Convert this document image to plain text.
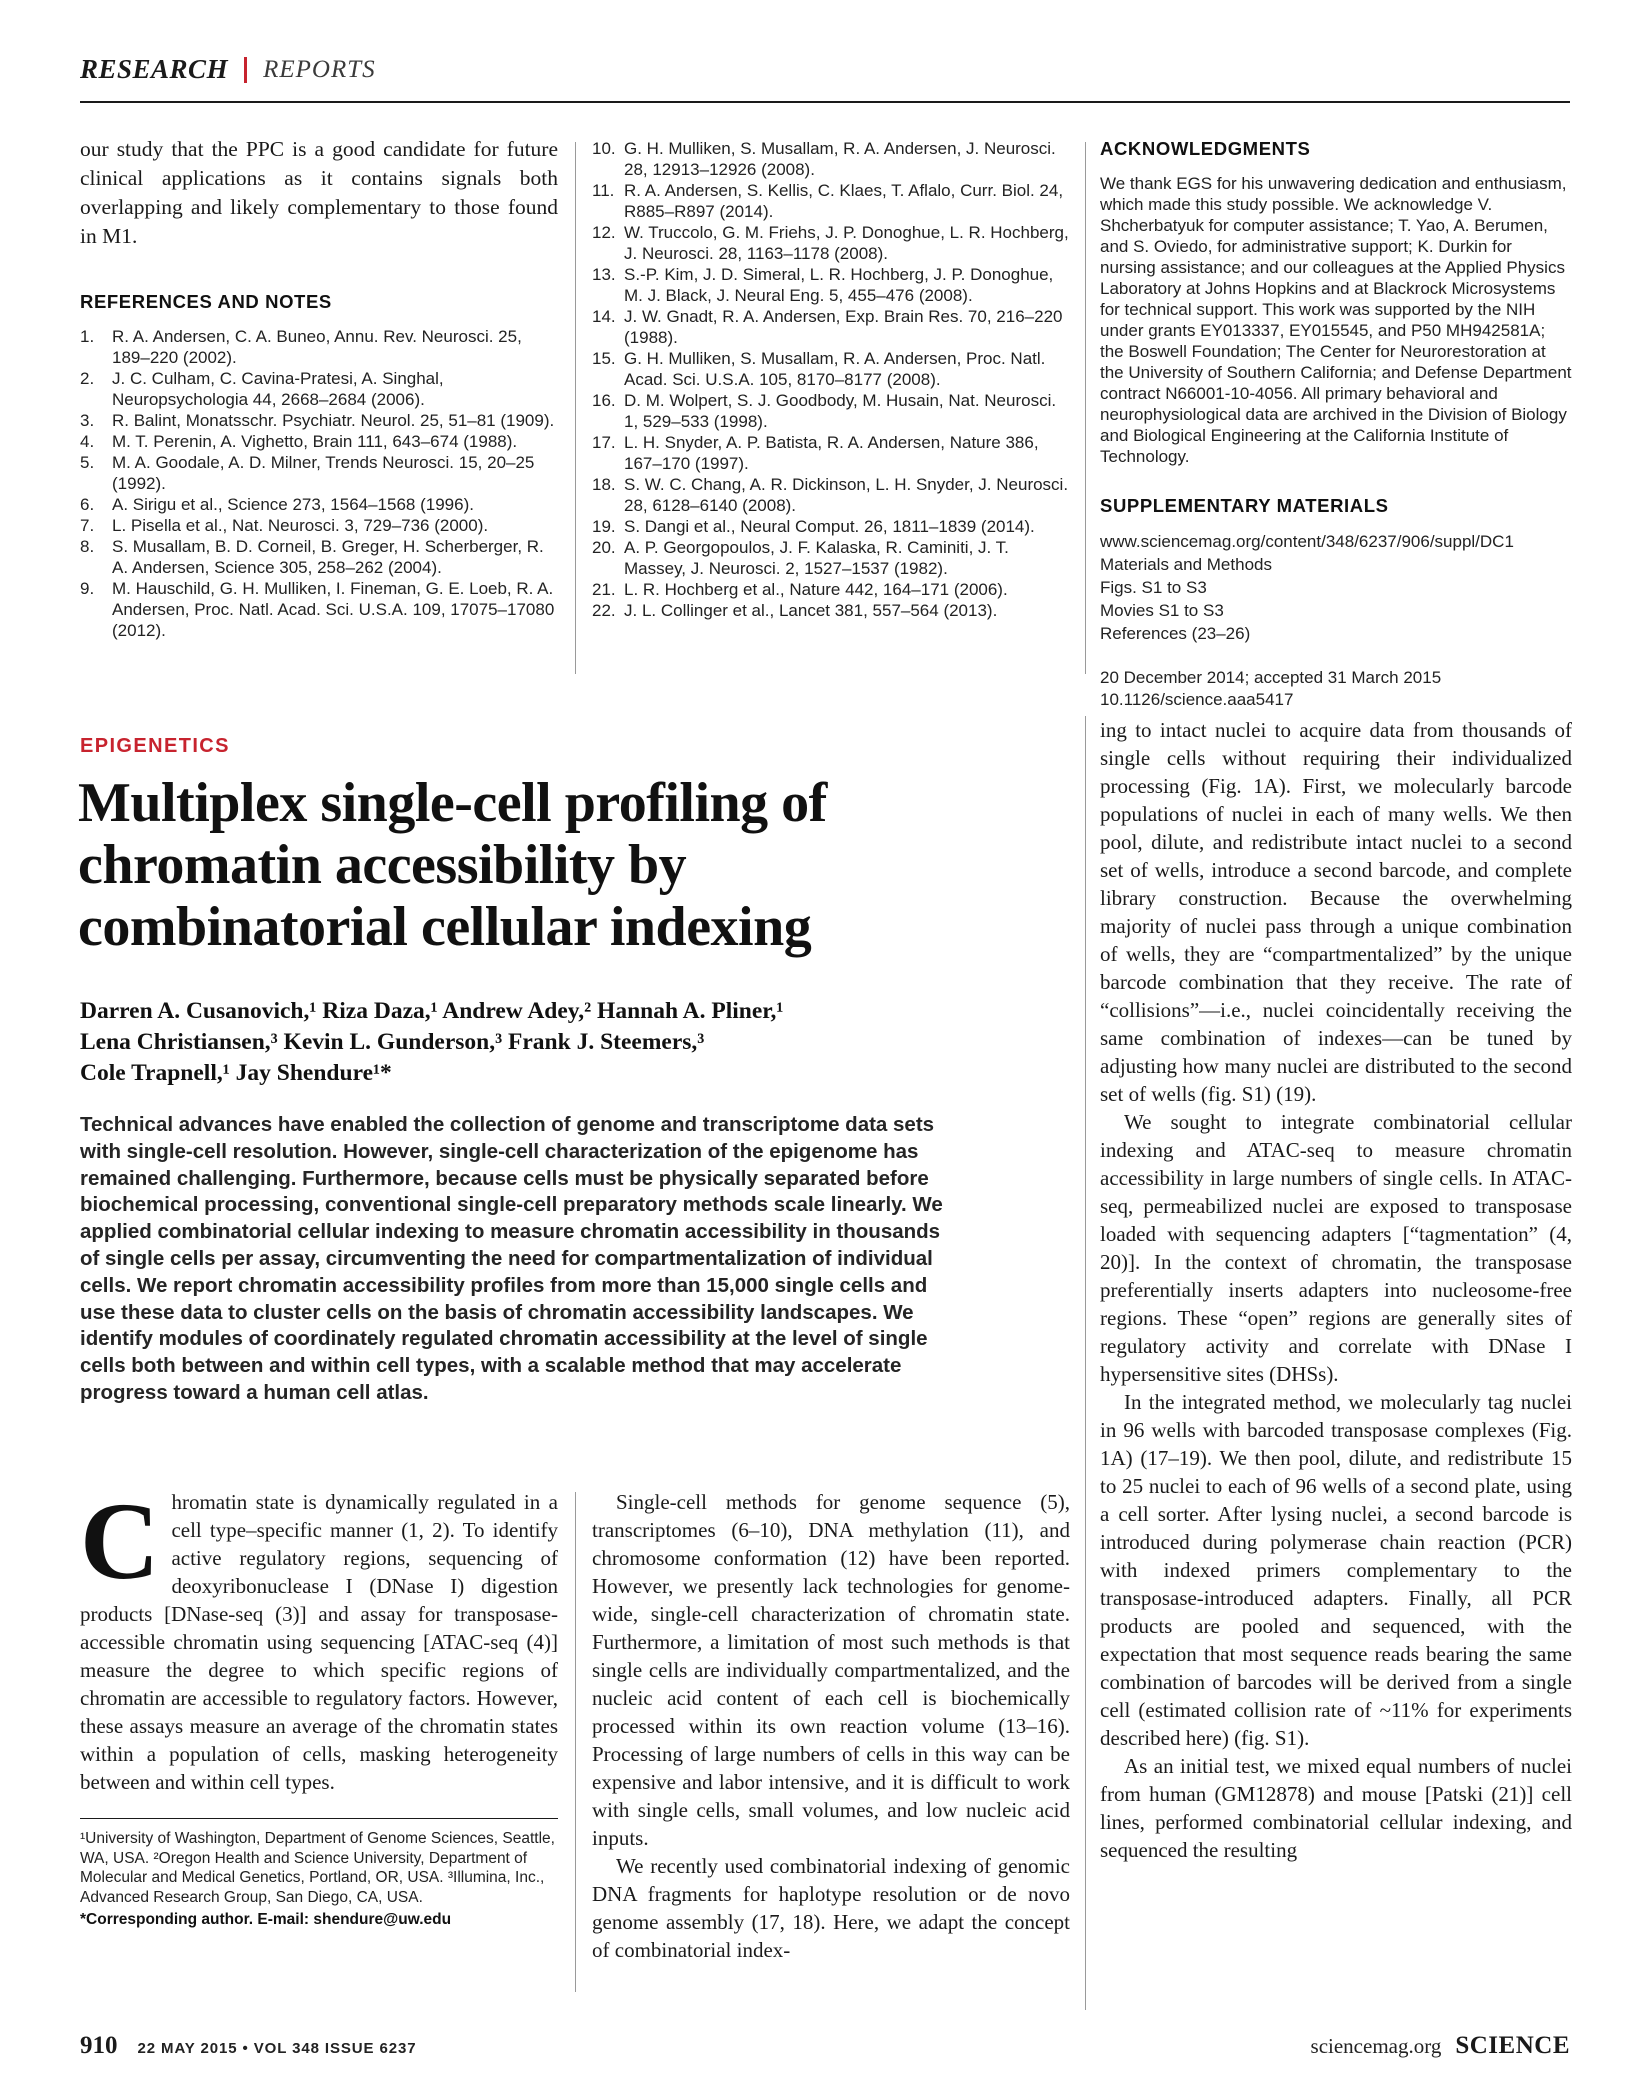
RESEARCH REPORTS

our study that the PPC is a good candidate for future clinical applications as it contains signals both overlapping and likely complementary to those found in M1.

REFERENCES AND NOTES
1.	R. A. Andersen, C. A. Buneo, Annu. Rev. Neurosci. 25, 189–220 (2002).
2.	J. C. Culham, C. Cavina-Pratesi, A. Singhal, Neuropsychologia 44, 2668–2684 (2006).
3.	R. Balint, Monatsschr. Psychiatr. Neurol. 25, 51–81 (1909).
4.	M. T. Perenin, A. Vighetto, Brain 111, 643–674 (1988).
5.	M. A. Goodale, A. D. Milner, Trends Neurosci. 15, 20–25 (1992).
6.	A. Sirigu et al., Science 273, 1564–1568 (1996).
7.	L. Pisella et al., Nat. Neurosci. 3, 729–736 (2000).
8.	S. Musallam, B. D. Corneil, B. Greger, H. Scherberger, R. A. Andersen, Science 305, 258–262 (2004).
9.	M. Hauschild, G. H. Mulliken, I. Fineman, G. E. Loeb, R. A. Andersen, Proc. Natl. Acad. Sci. U.S.A. 109, 17075–17080 (2012).
10. G. H. Mulliken, S. Musallam, R. A. Andersen, J. Neurosci. 28, 12913–12926 (2008).
11. R. A. Andersen, S. Kellis, C. Klaes, T. Aflalo, Curr. Biol. 24, R885–R897 (2014).
12. W. Truccolo, G. M. Friehs, J. P. Donoghue, L. R. Hochberg, J. Neurosci. 28, 1163–1178 (2008).
13. S.-P. Kim, J. D. Simeral, L. R. Hochberg, J. P. Donoghue, M. J. Black, J. Neural Eng. 5, 455–476 (2008).
14. J. W. Gnadt, R. A. Andersen, Exp. Brain Res. 70, 216–220 (1988).
15. G. H. Mulliken, S. Musallam, R. A. Andersen, Proc. Natl. Acad. Sci. U.S.A. 105, 8170–8177 (2008).
16. D. M. Wolpert, S. J. Goodbody, M. Husain, Nat. Neurosci. 1, 529–533 (1998).
17. L. H. Snyder, A. P. Batista, R. A. Andersen, Nature 386, 167–170 (1997).
18. S. W. C. Chang, A. R. Dickinson, L. H. Snyder, J. Neurosci. 28, 6128–6140 (2008).
19. S. Dangi et al., Neural Comput. 26, 1811–1839 (2014).
20. A. P. Georgopoulos, J. F. Kalaska, R. Caminiti, J. T. Massey, J. Neurosci. 2, 1527–1537 (1982).
21. L. R. Hochberg et al., Nature 442, 164–171 (2006).
22. J. L. Collinger et al., Lancet 381, 557–564 (2013).
ACKNOWLEDGMENTS

We thank EGS for his unwavering dedication and enthusiasm, which made this study possible. We acknowledge V. Shcherbatyuk for computer assistance; T. Yao, A. Berumen, and S. Oviedo, for administrative support; K. Durkin for nursing assistance; and our colleagues at the Applied Physics Laboratory at Johns Hopkins and at Blackrock Microsystems for technical support. This work was supported by the NIH under grants EY013337, EY015545, and P50 MH942581A; the Boswell Foundation; The Center for Neurorestoration at the University of Southern California; and Defense Department contract N66001-10-4056. All primary behavioral and neurophysiological data are archived in the Division of Biology and Biological Engineering at the California Institute of Technology.

SUPPLEMENTARY MATERIALS
www.sciencemag.org/content/348/6237/906/suppl/DC1
Materials and Methods
Figs. S1 to S3
Movies S1 to S3
References (23–26)
20 December 2014; accepted 31 March 2015
10.1126/science.aaa5417
EPIGENETICS
Multiplex single-cell profiling of
chromatin accessibility by
combinatorial cellular indexing
Darren A. Cusanovich,¹ Riza Daza,¹ Andrew Adey,² Hannah A. Pliner,¹
Lena Christiansen,³ Kevin L. Gunderson,³ Frank J. Steemers,³
Cole Trapnell,¹ Jay Shendure¹*
Technical advances have enabled the collection of genome and transcriptome data sets with single-cell resolution. However, single-cell characterization of the epigenome has remained challenging. Furthermore, because cells must be physically separated before biochemical processing, conventional single-cell preparatory methods scale linearly. We applied combinatorial cellular indexing to measure chromatin accessibility in thousands of single cells per assay, circumventing the need for compartmentalization of individual cells. We report chromatin accessibility profiles from more than 15,000 single cells and use these data to cluster cells on the basis of chromatin accessibility landscapes. We identify modules of coordinately regulated chromatin accessibility at the level of single cells both between and within cell types, with a scalable method that may accelerate progress toward a human cell atlas.

Chromatin state is dynamically regulated in a cell type–specific manner (1, 2). To identify active regulatory regions, sequencing of deoxyribonuclease I (DNase I) digestion products [DNase-seq (3)] and assay for transposase-accessible chromatin using sequencing [ATAC-seq (4)] measure the degree to which specific regions of chromatin are accessible to regulatory factors. However, these assays measure an average of the chromatin states within a population of cells, masking heterogeneity between and within cell types.

¹University of Washington, Department of Genome Sciences, Seattle, WA, USA. ²Oregon Health and Science University, Department of Molecular and Medical Genetics, Portland, OR, USA. ³Illumina, Inc., Advanced Research Group, San Diego, CA, USA.

*Corresponding author. E-mail: shendure@uw.edu

Single-cell methods for genome sequence (5), transcriptomes (6–10), DNA methylation (11), and chromosome conformation (12) have been reported. However, we presently lack technologies for genome-wide, single-cell characterization of chromatin state. Furthermore, a limitation of most such methods is that single cells are individually compartmentalized, and the nucleic acid content of each cell is biochemically processed within its own reaction volume (13–16). Processing of large numbers of cells in this way can be expensive and labor intensive, and it is difficult to work with single cells, small volumes, and low nucleic acid inputs.

We recently used combinatorial indexing of genomic DNA fragments for haplotype resolution or de novo genome assembly (17, 18). Here, we adapt the concept of combinatorial index-

ing to intact nuclei to acquire data from thousands of single cells without requiring their individualized processing (Fig. 1A). First, we molecularly barcode populations of nuclei in each of many wells. We then pool, dilute, and redistribute intact nuclei to a second set of wells, introduce a second barcode, and complete library construction. Because the overwhelming majority of nuclei pass through a unique combination of wells, they are “compartmentalized” by the unique barcode combination that they receive. The rate of “collisions”—i.e., nuclei coincidentally receiving the same combination of indexes—can be tuned by adjusting how many nuclei are distributed to the second set of wells (fig. S1) (19).

We sought to integrate combinatorial cellular indexing and ATAC-seq to measure chromatin accessibility in large numbers of single cells. In ATAC-seq, permeabilized nuclei are exposed to transposase loaded with sequencing adapters [“tagmentation” (4, 20)]. In the context of chromatin, the transposase preferentially inserts adapters into nucleosome-free regions. These “open” regions are generally sites of regulatory activity and correlate with DNase I hypersensitive sites (DHSs).

In the integrated method, we molecularly tag nuclei in 96 wells with barcoded transposase complexes (Fig. 1A) (17–19). We then pool, dilute, and redistribute 15 to 25 nuclei to each of 96 wells of a second plate, using a cell sorter. After lysing nuclei, a second barcode is introduced during polymerase chain reaction (PCR) with indexed primers complementary to the transposase-introduced adapters. Finally, all PCR products are pooled and sequenced, with the expectation that most sequence reads bearing the same combination of barcodes will be derived from a single cell (estimated collision rate of ~11% for experiments described here) (fig. S1).

As an initial test, we mixed equal numbers of nuclei from human (GM12878) and mouse [Patski (21)] cell lines, performed combinatorial cellular indexing, and sequenced the resulting

910 22 MAY 2015 • VOL 348 ISSUE 6237	sciencemag.org SCIENCE
